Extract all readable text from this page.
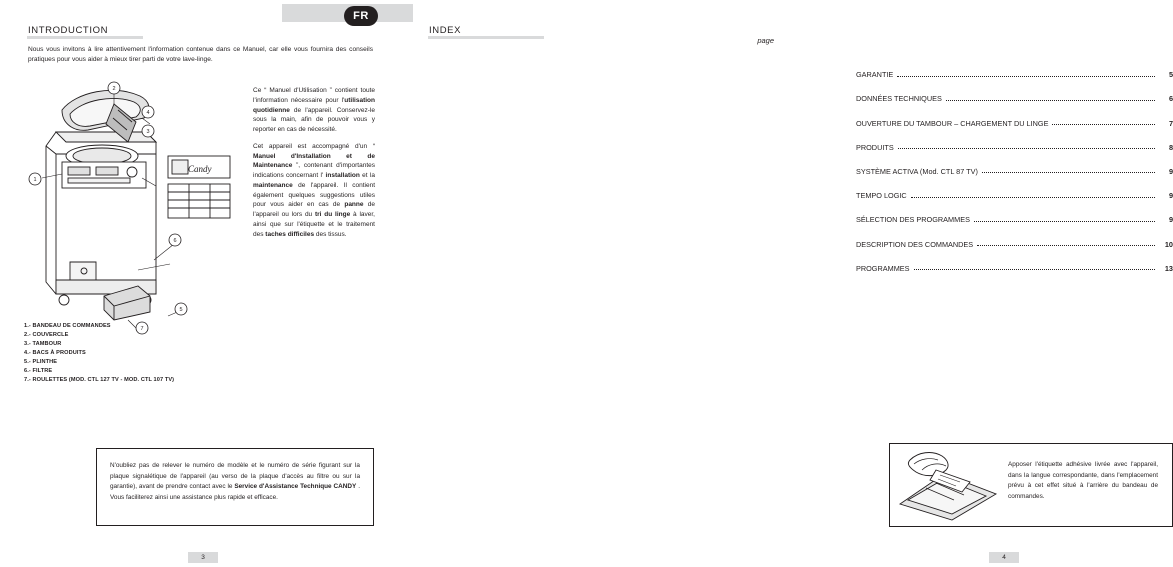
FR
INTRODUCTION
Nous vous invitons à lire attentivement l'information contenue dans ce Manuel, car elle vous fournira des conseils pratiques pour vous aider à mieux tirer parti de votre lave-linge.
1
2
3
4
6
5
7
Candy

Ce “ Manuel d'Utilisation ” contient toute l'information nécessaire pour l'utilisation quotidienne de l'appareil. Conservez-le sous la main, afin de pouvoir vous y reporter en cas de nécessité.

Cet appareil est accompagné d'un “ Manuel d'Installation et de Maintenance ”, contenant d'importantes indications concernant l' installation et la maintenance de l'appareil. Il contient également quelques suggestions utiles pour vous aider en cas de panne de l'appareil ou lors du tri du linge à laver, ainsi que sur l'étiquette et le traitement des taches difficiles des tissus.

1.- BANDEAU DE COMMANDES
2.- COUVERCLE
3.- TAMBOUR
4.- BACS À PRODUITS
5.- PLINTHE
6.- FILTRE
7.- ROULETTES (MOD. CTL 127 TV - MOD. CTL 107 TV)

N'oubliez pas de relever le numéro de modèle et le numéro de série figurant sur la plaque signalétique de l'appareil (au verso de la plaque d'accès au filtre ou sur la garantie), avant de prendre contact avec le Service d'Assistance Technique CANDY . Vous faciliterez ainsi une assistance plus rapide et efficace.

3
INDEX
page
GARANTIE	5
DONNÉES TECHNIQUES	6
OUVERTURE DU TAMBOUR – CHARGEMENT DU LINGE	7
PRODUITS	8
SYSTÈME ACTIVA (Mod. CTL 87 TV)	9
TEMPO LOGIC	9
SÉLECTION DES PROGRAMMES	9
DESCRIPTION DES COMMANDES	10
PROGRAMMES	13

Apposer l'étiquette adhésive livrée avec l'appareil, dans la langue correspondante, dans l'emplacement prévu à cet effet situé à l'arrière du bandeau de commandes.

4
